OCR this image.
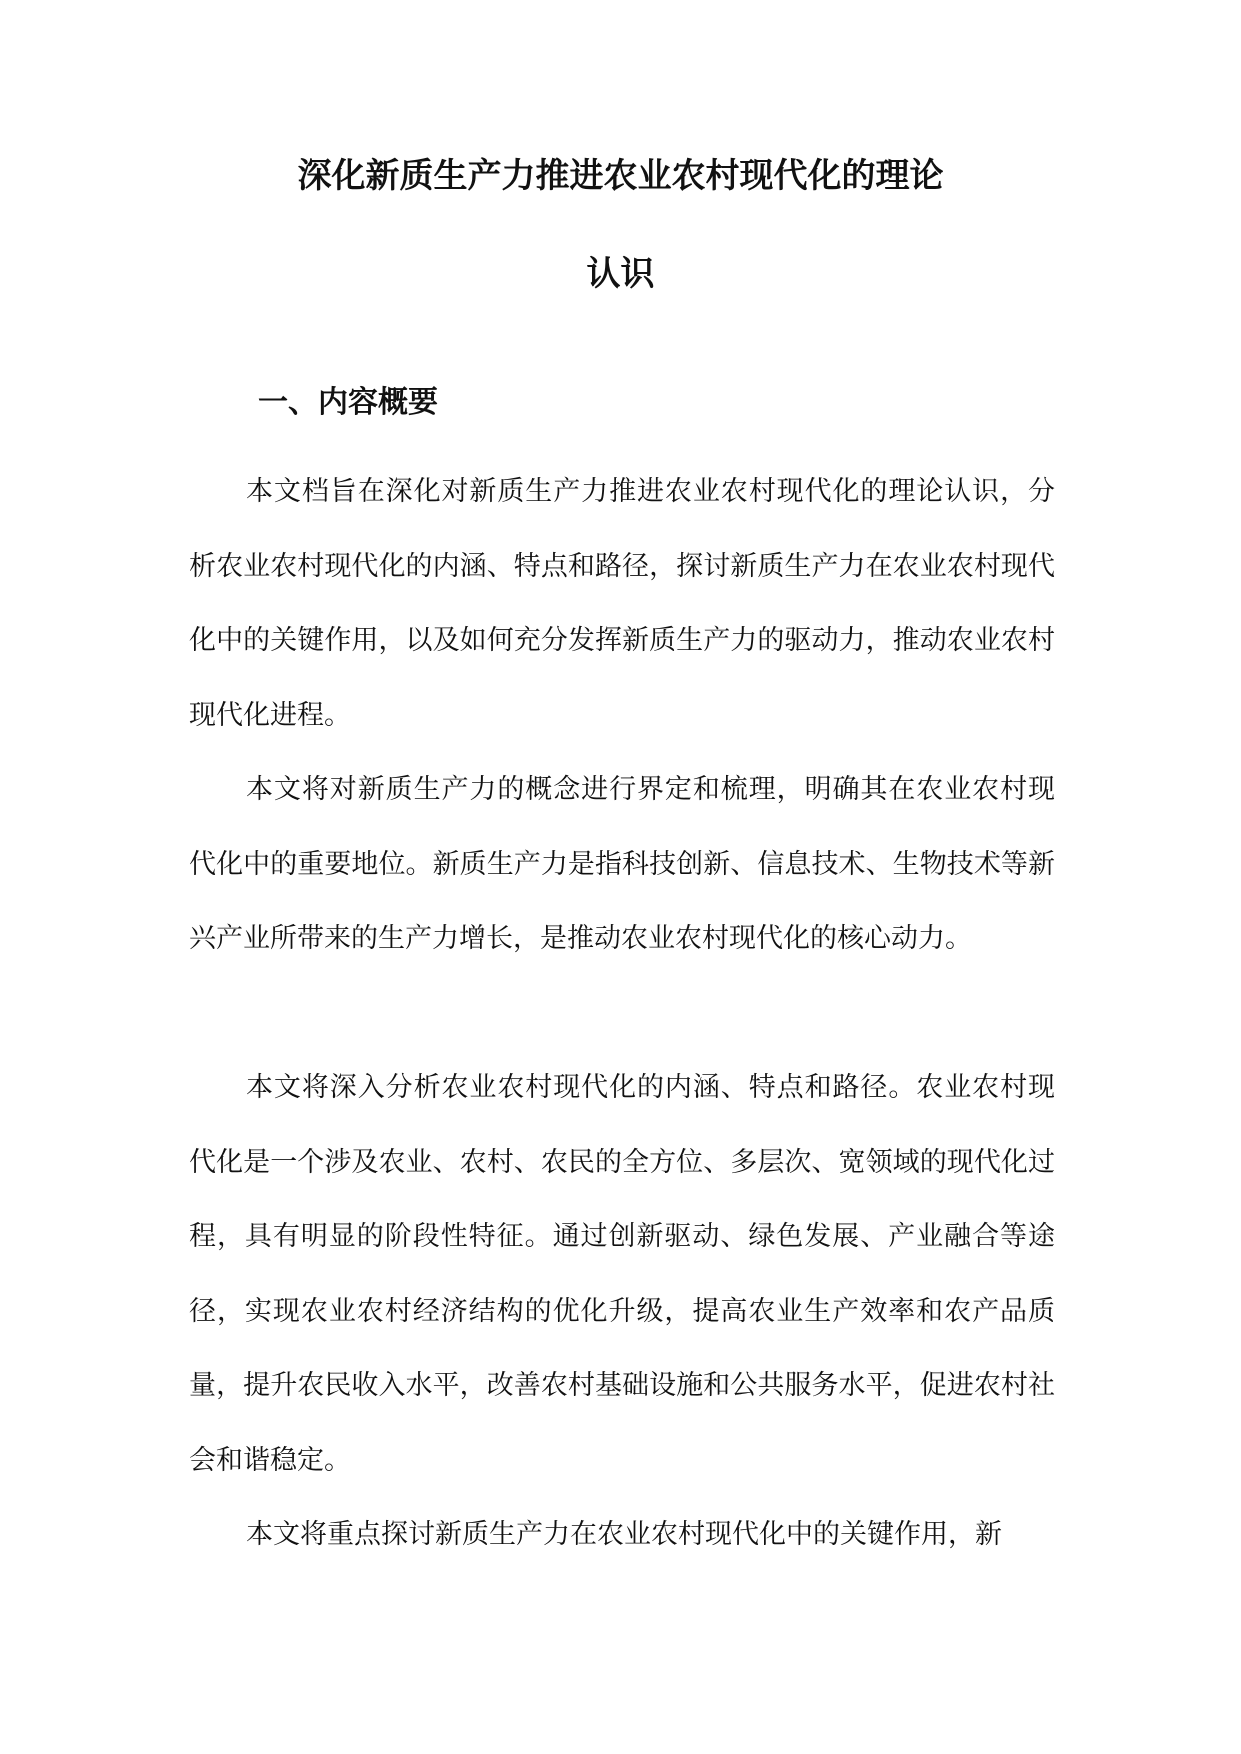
深化新质生产力推进农业农村现代化的理论
认识
一、内容概要

本文档旨在深化对新质生产力推进农业农村现代化的理论认识，分析农业农村现代化的内涵、特点和路径，探讨新质生产力在农业农村现代化中的关键作用，以及如何充分发挥新质生产力的驱动力，推动农业农村现代化进程。

本文将对新质生产力的概念进行界定和梳理，明确其在农业农村现代化中的重要地位。新质生产力是指科技创新、信息技术、生物技术等新兴产业所带来的生产力增长，是推动农业农村现代化的核心动力。

本文将深入分析农业农村现代化的内涵、特点和路径。农业农村现代化是一个涉及农业、农村、农民的全方位、多层次、宽领域的现代化过程，具有明显的阶段性特征。通过创新驱动、绿色发展、产业融合等途径，实现农业农村经济结构的优化升级，提高农业生产效率和农产品质量，提升农民收入水平，改善农村基础设施和公共服务水平，促进农村社会和谐稳定。

本文将重点探讨新质生产力在农业农村现代化中的关键作用，新
